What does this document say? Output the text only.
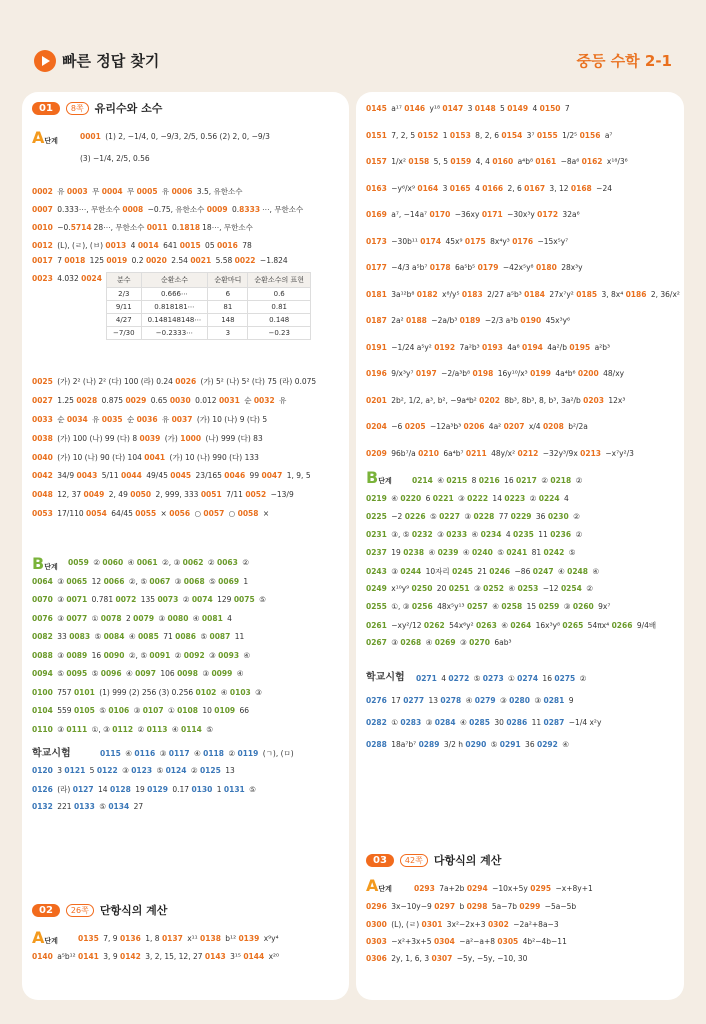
빠른 정답 찾기	중등 수학 2-1
01	8쪽	유리수와 소수
A단계
분수	순환소수	순환마디	순환소수의 표현
2/3	0.666⋯	6	0.6̇
9/11	0.818181⋯	81	0.8̇1̇
4/27	0.148148148⋯	148	0.1̇48̇
−7/30	−0.2333⋯	3	−0.23̇
B단계
학교시험
02	26쪽	단항식의 계산
A단계
0001 (1) 2, −1/4, 0, −9/3, 2/5, 0.56 (2) 2, 0, −9/3
(3) −1/4, 2/5, 0.56
0002 유 0003 무 0004 무 0005 유 0006 3.5, 유한소수
0007 0.333⋯, 무한소수 0008 −0.75, 유한소수 0009 0.8333 ⋯, 무한소수
0010 −0.5714 28⋯, 무한소수 0011 0.1818 18⋯, 무한소수
0012 (L), (ㄹ), (ㅂ) 0013 4 0014 641 0015 05 0016 78
0017 7 0018 125 0019 0.2̇ 0020 2.5̇4̇ 0021 5.5̇8̇ 0022 −1.8̇2̇4̇
0023 4.0̇3̇2̇ 0024
0025 (가) 2² (나) 2² (다) 100 (라) 0.24 0026 (가) 5² (나) 5² (다) 75 (라) 0.075
0027 1.25 0028 0.875 0029 0.65 0030 0.012 0031 순 0032 유
0033 순 0034 유 0035 순 0036 유 0037 (가) 10 (나) 9 (다) 5
0038 (가) 100 (나) 99 (다) 8 0039 (가) 1000 (나) 999 (다) 83
0040 (가) 10 (나) 90 (다) 104 0041 (가) 10 (나) 990 (다) 133
0042 34/9 0043 5/11 0044 49/45 0045 23/165 0046 99 0047 1, 9, 5
0048 12, 37 0049 2, 49 0050 2, 999, 333 0051 7/11 0052 −13/9
0053 17/110 0054 64/45 0055 × 0056 ○ 0057 ○ 0058 ×
0059 ② 0060 ④ 0061 ②, ③ 0062 ② 0063 ②
0064 ③ 0065 12 0066 ②, ⑤ 0067 ③ 0068 ⑤ 0069 1
0070 ③ 0071 0.78̇1̇ 0072 135 0073 ② 0074 129 0075 ⑤
0076 ③ 0077 ① 0078 2 0079 ③ 0080 ④ 0081 4
0082 33 0083 ⑤ 0084 ④ 0085 71 0086 ⑤ 0087 11
0088 ③ 0089 16 0090 ②, ⑤ 0091 ② 0092 ③ 0093 ④
0094 ⑤ 0095 ⑤ 0096 ④ 0097 106 0098 ③ 0099 ④
0100 757 0101 (1) 999 (2) 256 (3) 0.2̇5̇6̇ 0102 ④ 0103 ③
0104 559 0105 ⑤ 0106 ③ 0107 ① 0108 10 0109 66
0110 ③ 0111 ①, ③ 0112 ② 0113 ④ 0114 ⑤
0115 ④ 0116 ③ 0117 ④ 0118 ② 0119 (ㄱ), (ㅁ)
0120 3 0121 5 0122 ③ 0123 ⑤ 0124 ② 0125 13
0126 (라) 0127 14 0128 19 0129 0.1̇7̇ 0130 1 0131 ⑤
0132 221 0133 ⑤ 0134 27
0135 7, 9 0136 1, 8 0137 x¹¹ 0138 b¹² 0139 x⁹y⁴
0140 a⁵b¹² 0141 3, 9 0142 3, 2, 15, 12, 27 0143 3¹⁵ 0144 x²⁰
B단계
학교시험
03	42쪽	다항식의 계산
A단계
0145 a¹⁷ 0146 y¹⁸ 0147 3 0148 5 0149 4 0150 7
0151 7, 2, 5 0152 1 0153 8, 2, 6 0154 3⁷ 0155 1/2⁵ 0156 a⁷
0157 1/x² 0158 5, 5 0159 4, 4 0160 a⁴b⁸ 0161 −8a⁶ 0162 x¹⁸/3⁶
0163 −y⁶/x⁹ 0164 3 0165 4 0166 2, 6 0167 3, 12 0168 −24
0169 a⁷, −14a⁷ 0170 −36xy 0171 −30x³y 0172 32a⁶
0173 −30b¹¹ 0174 45x⁹ 0175 8x⁴y³ 0176 −15x⁵y⁷
0177 −4/3 a⁵b⁷ 0178 6a⁵b⁵ 0179 −42x⁵y⁸ 0180 28x³y
0181 3a¹²b⁸ 0182 x⁸/y⁵ 0183 2/27 a⁵b³ 0184 27x⁷y² 0185 3, 8x⁴ 0186 2, 36/x²
0187 2a² 0188 −2a/b³ 0189 −2/3 a³b 0190 45x³y⁶
0191 −1/24 a⁵y² 0192 7a²b³ 0193 4a⁸ 0194 4a²/b 0195 a²b³
0196 9/x³y⁷ 0197 −2/a³b⁸ 0198 16y¹⁰/x³ 0199 4a⁴b⁶ 0200 48/xy
0201 2b², 1/2, a³, b², −9a⁴b² 0202 8b³, 8b³, 8, b³, 3a²/b 0203 12x³
0204 −6 0205 −12a³b³ 0206 4a² 0207 x/4 0208 b²/2a
0209 96b⁷/a 0210 6a⁴b⁷ 0211 48y/x² 0212 −32y³/9x 0213 −x⁷y²/3
0214 ④ 0215 8 0216 16 0217 ② 0218 ②
0219 ④ 0220 6 0221 ③ 0222 14 0223 ② 0224 4
0225 −2 0226 ⑤ 0227 ③ 0228 77 0229 36 0230 ②
0231 ③, ⑤ 0232 ③ 0233 ④ 0234 4 0235 11 0236 ②
0237 19 0238 ④ 0239 ④ 0240 ⑤ 0241 81 0242 ⑤
0243 ③ 0244 10자리 0245 21 0246 −86 0247 ④ 0248 ④
0249 x¹⁰y⁹ 0250 20 0251 ③ 0252 ④ 0253 −12 0254 ②
0255 ①, ③ 0256 48x⁵y¹³ 0257 ④ 0258 15 0259 ③ 0260 9x⁷
0261 −xy²/12 0262 54x⁶y² 0263 ④ 0264 16x³y⁸ 0265 54πx⁴ 0266 9/4배
0267 ③ 0268 ④ 0269 ③ 0270 6ab³
0271 4 0272 ⑤ 0273 ① 0274 16 0275 ②
0276 17 0277 13 0278 ④ 0279 ③ 0280 ③ 0281 9
0282 ① 0283 ③ 0284 ④ 0285 30 0286 11 0287 −1/4 x²y
0288 18a⁷b⁷ 0289 3/2 h 0290 ⑤ 0291 36 0292 ④
0293 7a+2b 0294 −10x+5y 0295 −x+8y+1
0296 3x−10y−9 0297 b 0298 5a−7b 0299 −5a−5b
0300 (L), (ㄹ) 0301 3x²−2x+3 0302 −2a²+8a−3
0303 −x²+3x+5 0304 −a²−a+8 0305 4b²−4b−11
0306 2y, 1, 6, 3 0307 −5y, −5y, −10, 30
